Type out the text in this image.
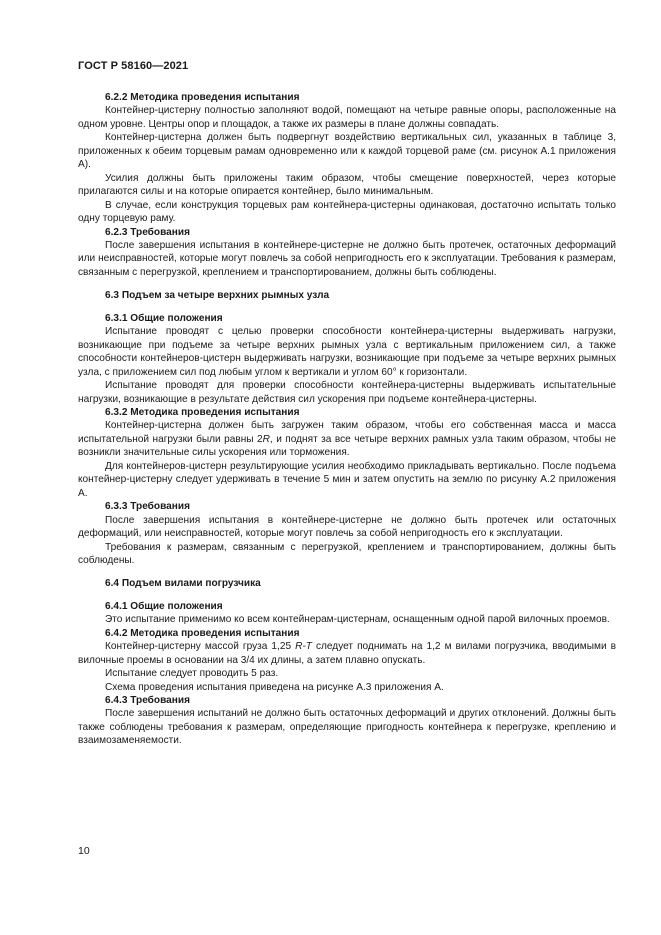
ГОСТ Р 58160—2021

6.2.2 Методика проведения испытания

Контейнер-цистерну полностью заполняют водой, помещают на четыре равные опоры, расположенные на одном уровне. Центры опор и площадок, а также их размеры в плане должны совпадать.

Контейнер-цистерна должен быть подвергнут воздействию вертикальных сил, указанных в таблице 3, приложенных к обеим торцевым рамам одновременно или к каждой торцевой раме (см. рисунок А.1 приложения А).

Усилия должны быть приложены таким образом, чтобы смещение поверхностей, через которые прилагаются силы и на которые опирается контейнер, было минимальным.

В случае, если конструкция торцевых рам контейнера-цистерны одинаковая, достаточно испытать только одну торцевую раму.

6.2.3 Требования

После завершения испытания в контейнере-цистерне не должно быть протечек, остаточных деформаций или неисправностей, которые могут повлечь за собой непригодность его к эксплуатации. Требования к размерам, связанным с перегрузкой, креплением и транспортированием, должны быть соблюдены.

6.3 Подъем за четыре верхних рымных узла

6.3.1 Общие положения

Испытание проводят с целью проверки способности контейнера-цистерны выдерживать нагрузки, возникающие при подъеме за четыре верхних рымных узла с вертикальным приложением сил, а также способности контейнеров-цистерн выдерживать нагрузки, возникающие при подъеме за четыре верхних рымных узла, с приложением сил под любым углом к вертикали и углом 60° к горизонтали.

Испытание проводят для проверки способности контейнера-цистерны выдерживать испытательные нагрузки, возникающие в результате действия сил ускорения при подъеме контейнера-цистерны.

6.3.2 Методика проведения испытания

Контейнер-цистерна должен быть загружен таким образом, чтобы его собственная масса и масса испытательной нагрузки были равны 2R, и поднят за все четыре верхних рамных узла таким образом, чтобы не возникли значительные силы ускорения или торможения.

Для контейнеров-цистерн результирующие усилия необходимо прикладывать вертикально. После подъема контейнер-цистерну следует удерживать в течение 5 мин и затем опустить на землю по рисунку А.2 приложения А.

6.3.3 Требования

После завершения испытания в контейнере-цистерне не должно быть протечек или остаточных деформаций, или неисправностей, которые могут повлечь за собой непригодность его к эксплуатации.

Требования к размерам, связанным с перегрузкой, креплением и транспортированием, должны быть соблюдены.

6.4 Подъем вилами погрузчика

6.4.1 Общие положения

Это испытание применимо ко всем контейнерам-цистернам, оснащенным одной парой вилочных проемов.

6.4.2 Методика проведения испытания

Контейнер-цистерну массой груза 1,25 R-T следует поднимать на 1,2 м вилами погрузчика, вводимыми в вилочные проемы в основании на 3/4 их длины, а затем плавно опускать.

Испытание следует проводить 5 раз.

Схема проведения испытания приведена на рисунке А.3 приложения А.

6.4.3 Требования

После завершения испытаний не должно быть остаточных деформаций и других отклонений. Должны быть также соблюдены требования к размерам, определяющие пригодность контейнера к перегрузке, креплению и взаимозаменяемости.

10
